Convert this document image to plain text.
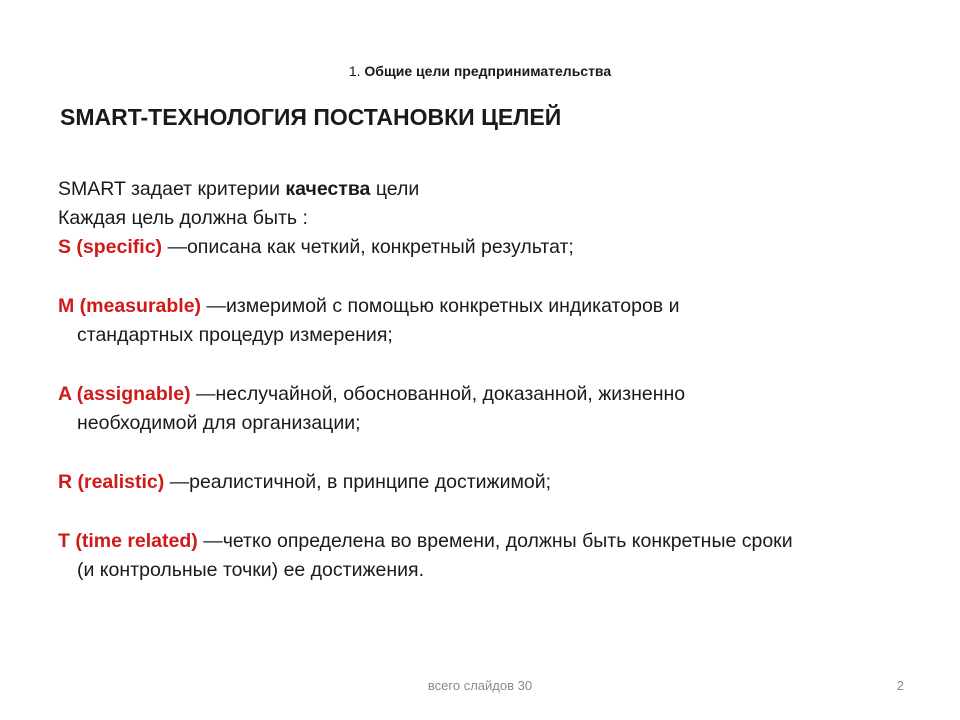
1. Общие цели предпринимательства
SMART-ТЕХНОЛОГИЯ ПОСТАНОВКИ ЦЕЛЕЙ
SMART задает критерии качества цели
Каждая цель должна быть :
S (specific) —описана как четкий, конкретный результат;
M (measurable) —измеримой с помощью конкретных индикаторов и
стандартных процедур измерения;
A (assignable) —неслучайной, обоснованной, доказанной, жизненно
необходимой для организации;
R (realistic) —реалистичной, в принципе достижимой;
T (time related) —четко определена во времени, должны быть конкретные сроки
(и контрольные точки) ее достижения.
всего слайдов 30	2
